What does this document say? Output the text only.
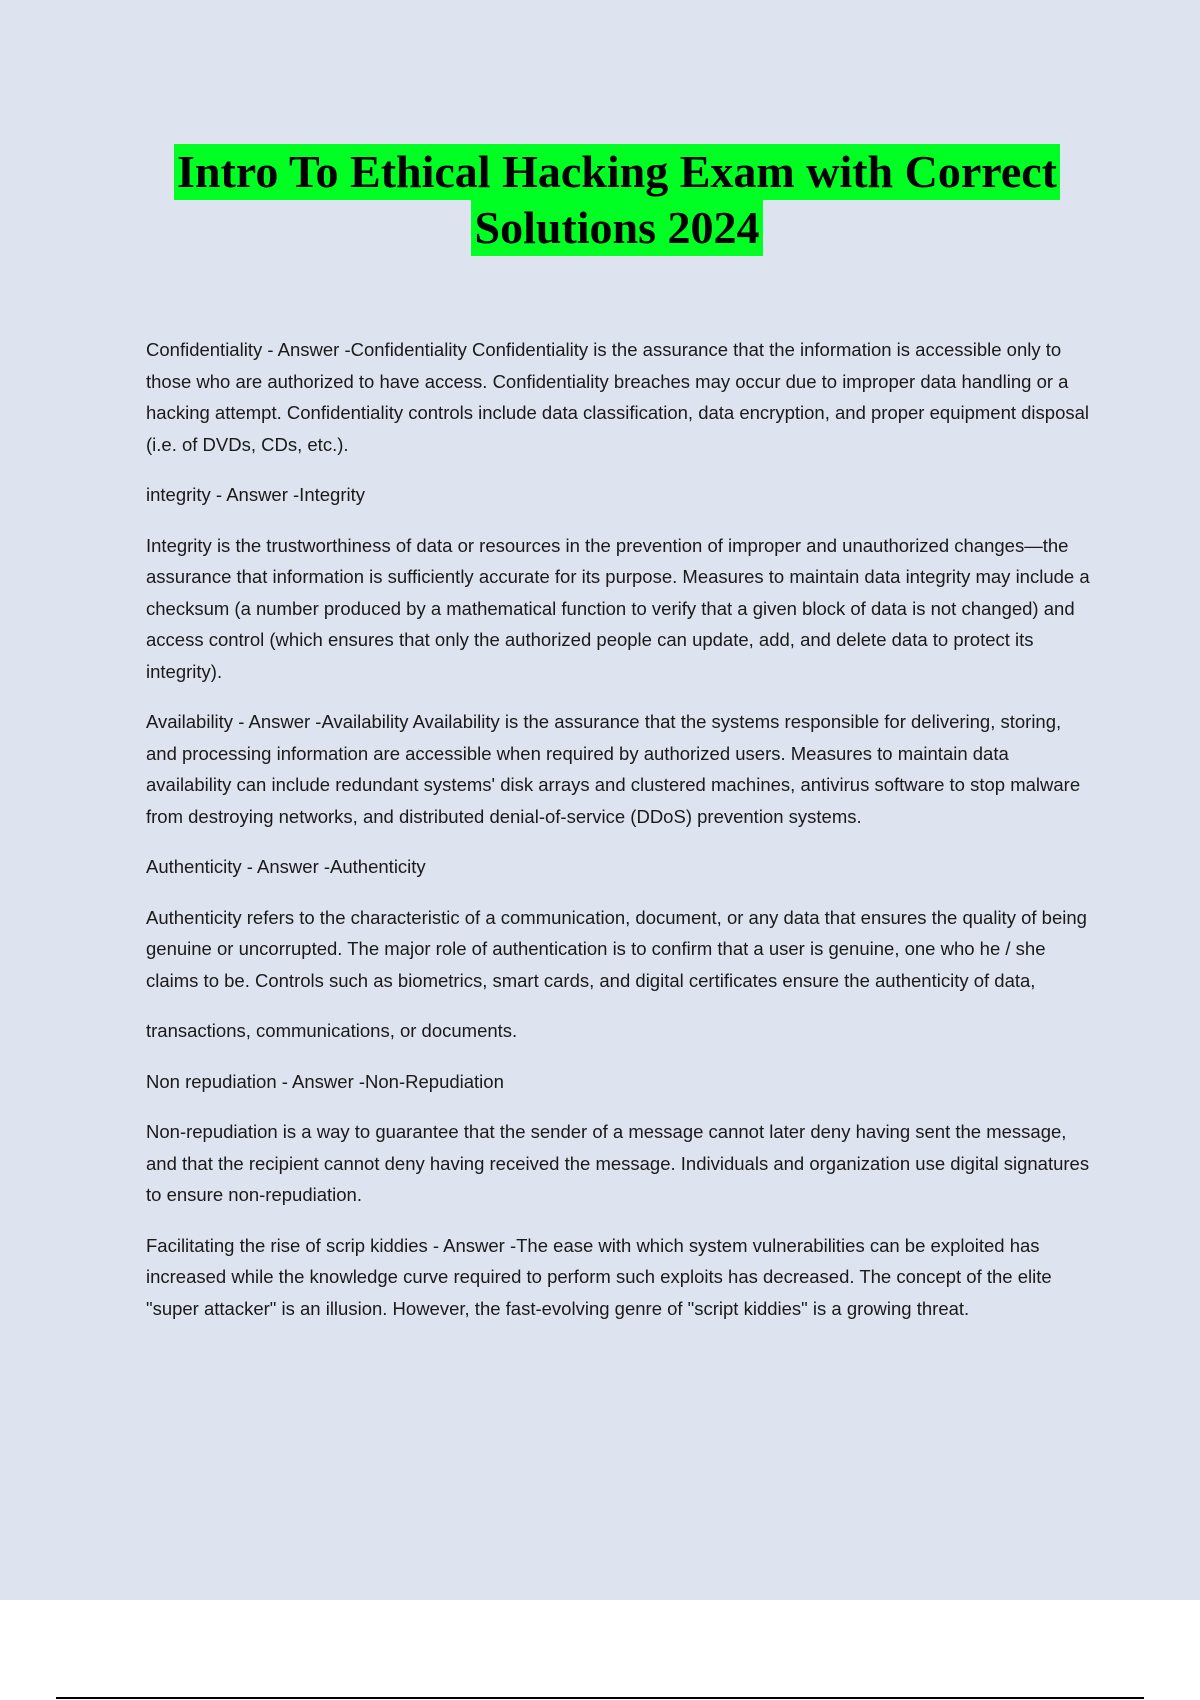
Intro To Ethical Hacking Exam with Correct
Solutions 2024

Confidentiality - Answer -Confidentiality Confidentiality is the assurance that the information is accessible only to those who are authorized to have access. Confidentiality breaches may occur due to improper data handling or a hacking attempt. Confidentiality controls include data classification, data encryption, and proper equipment disposal (i.e. of DVDs, CDs, etc.).

integrity - Answer -Integrity

Integrity is the trustworthiness of data or resources in the prevention of improper and unauthorized changes—the assurance that information is sufficiently accurate for its purpose. Measures to maintain data integrity may include a checksum (a number produced by a mathematical function to verify that a given block of data is not changed) and access control (which ensures that only the authorized people can update, add, and delete data to protect its integrity).

Availability - Answer -Availability Availability is the assurance that the systems responsible for delivering, storing, and processing information are accessible when required by authorized users. Measures to maintain data availability can include redundant systems' disk arrays and clustered machines, antivirus software to stop malware from destroying networks, and distributed denial-of-service (DDoS) prevention systems.

Authenticity - Answer -Authenticity

Authenticity refers to the characteristic of a communication, document, or any data that ensures the quality of being genuine or uncorrupted. The major role of authentication is to confirm that a user is genuine, one who he / she claims to be. Controls such as biometrics, smart cards, and digital certificates ensure the authenticity of data,

transactions, communications, or documents.

Non repudiation - Answer -Non-Repudiation

Non-repudiation is a way to guarantee that the sender of a message cannot later deny having sent the message, and that the recipient cannot deny having received the message. Individuals and organization use digital signatures to ensure non-repudiation.

Facilitating the rise of scrip kiddies - Answer -The ease with which system vulnerabilities can be exploited has increased while the knowledge curve required to perform such exploits has decreased. The concept of the elite "super attacker" is an illusion. However, the fast-evolving genre of "script kiddies" is a growing threat.
